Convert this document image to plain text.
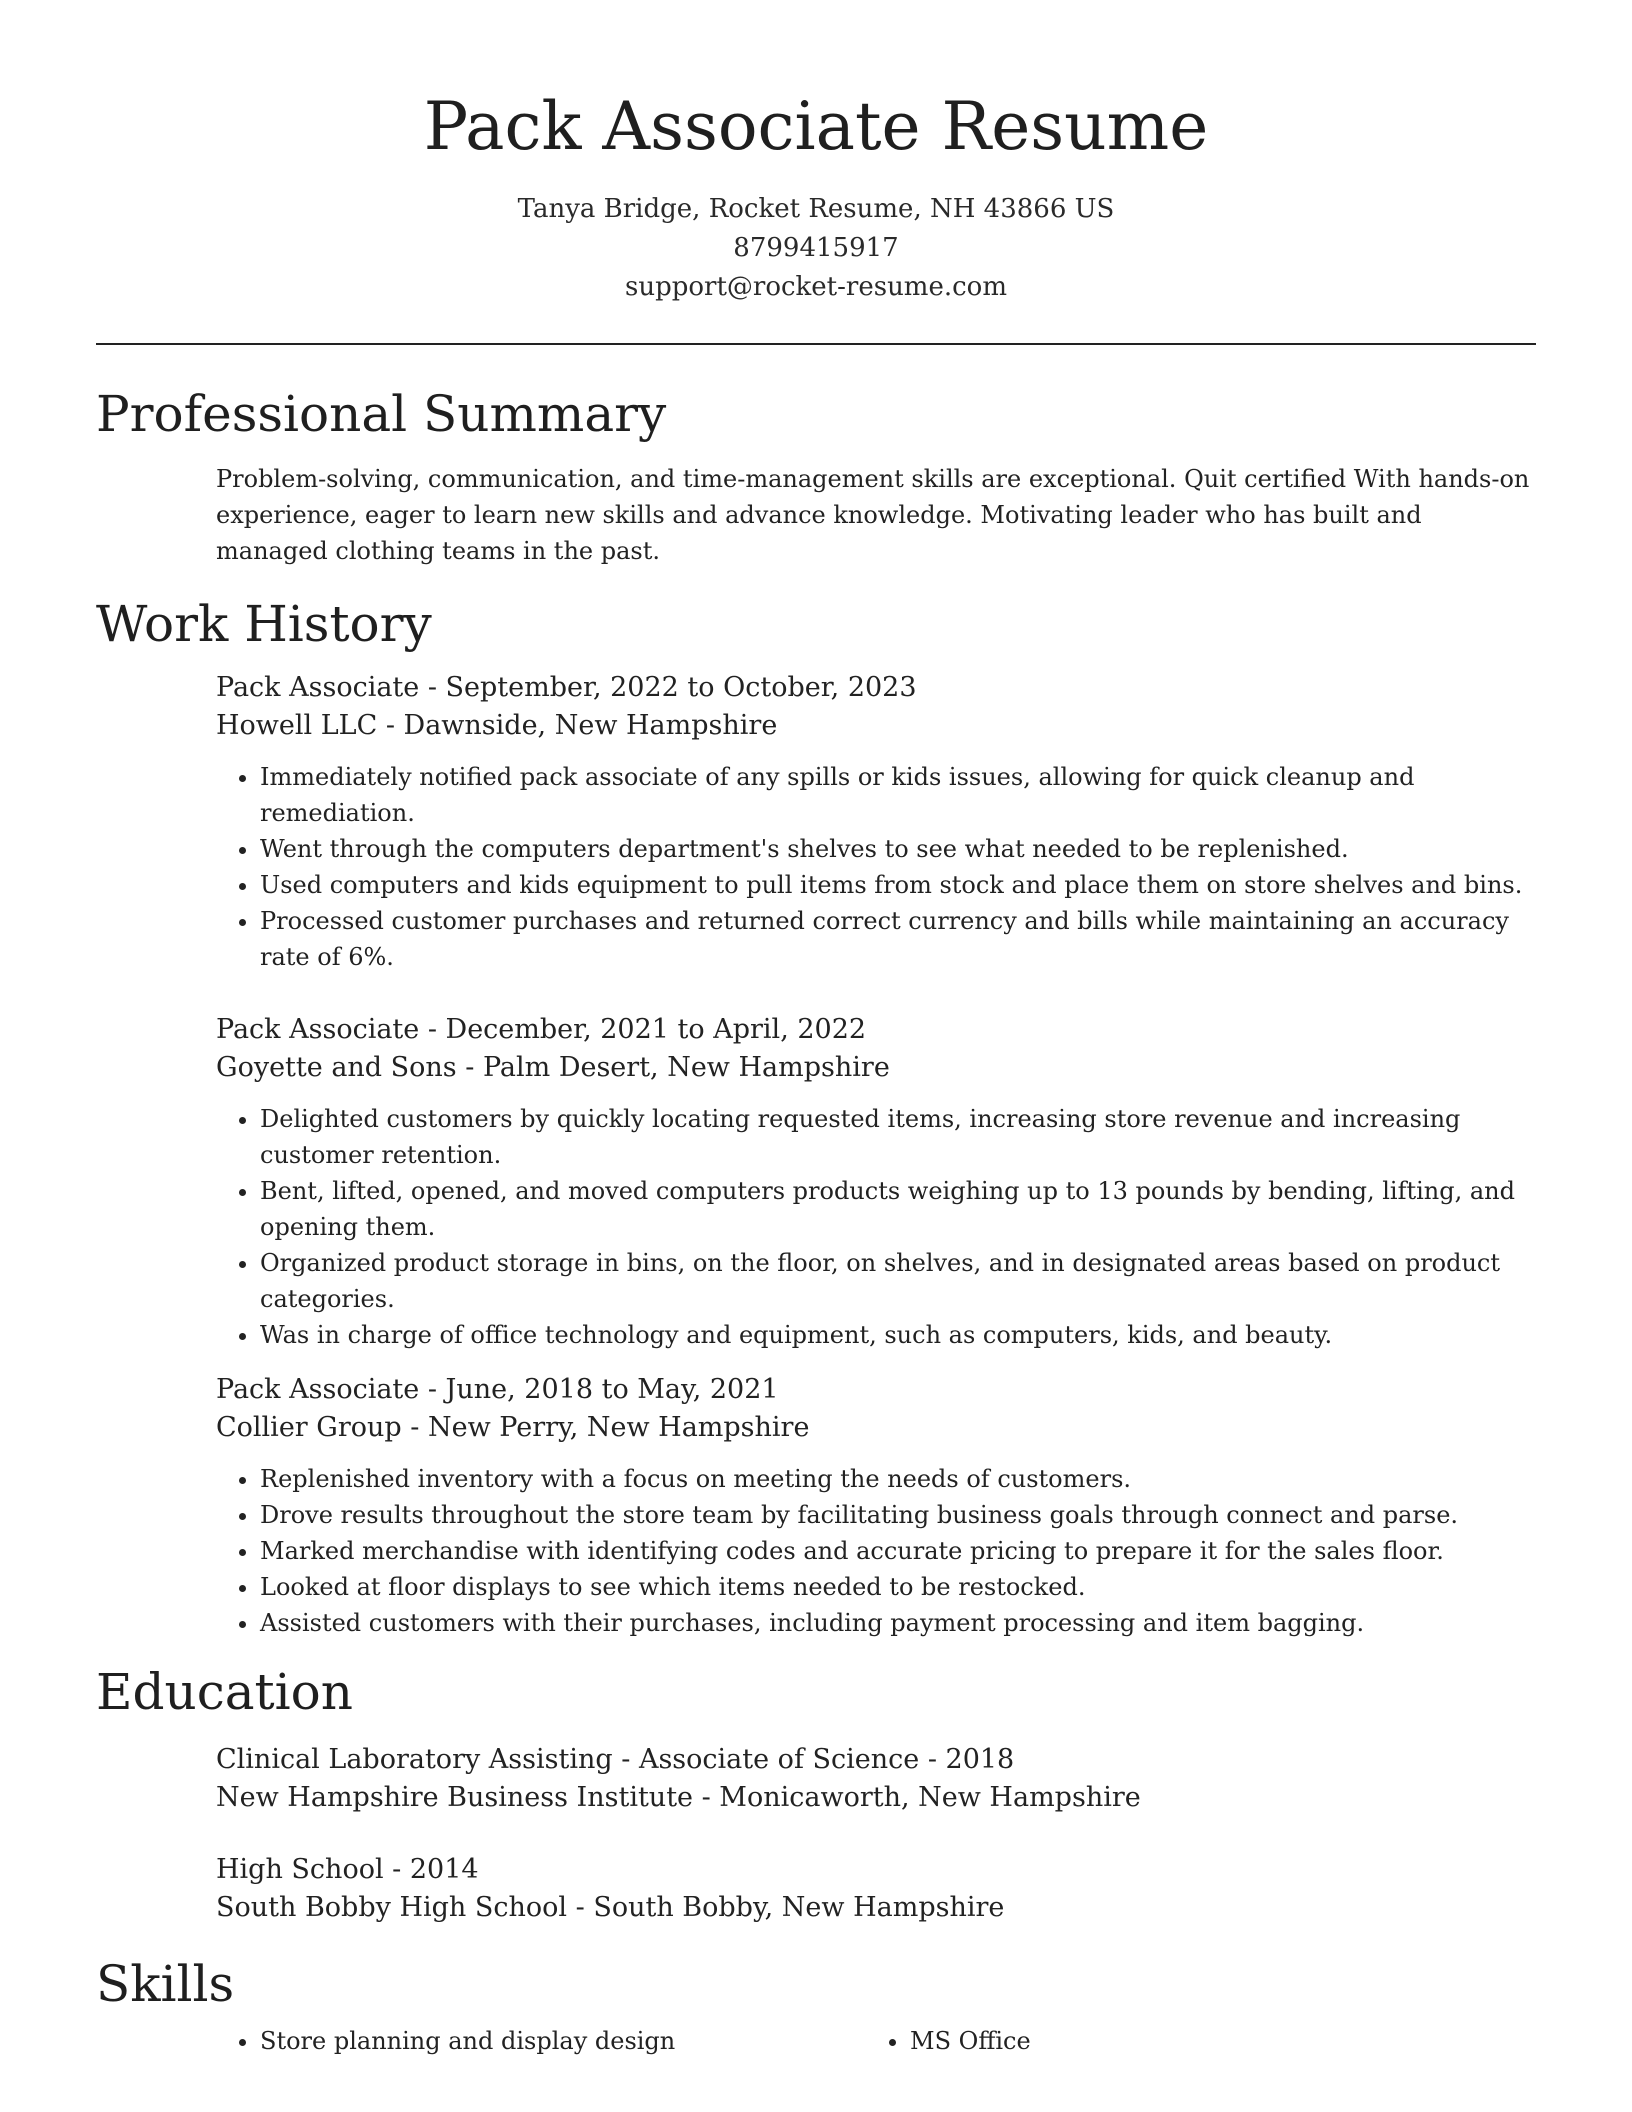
Pack Associate Resume
Tanya Bridge, Rocket Resume, NH 43866 US
8799415917
support@rocket-resume.com
Professional Summary
Problem-solving, communication, and time-management skills are exceptional. Quit certified With hands-on experience, eager to learn new skills and advance knowledge. Motivating leader who has built and managed clothing teams in the past.
Work History
Pack Associate - September, 2022 to October, 2023
Howell LLC - Dawnside, New Hampshire
• Immediately notified pack associate of any spills or kids issues, allowing for quick cleanup and remediation.
• Went through the computers department's shelves to see what needed to be replenished.
• Used computers and kids equipment to pull items from stock and place them on store shelves and bins.
• Processed customer purchases and returned correct currency and bills while maintaining an accuracy rate of 6%.
Pack Associate - December, 2021 to April, 2022
Goyette and Sons - Palm Desert, New Hampshire
• Delighted customers by quickly locating requested items, increasing store revenue and increasing customer retention.
• Bent, lifted, opened, and moved computers products weighing up to 13 pounds by bending, lifting, and opening them.
• Organized product storage in bins, on the floor, on shelves, and in designated areas based on product categories.
• Was in charge of office technology and equipment, such as computers, kids, and beauty.
Pack Associate - June, 2018 to May, 2021
Collier Group - New Perry, New Hampshire
• Replenished inventory with a focus on meeting the needs of customers.
• Drove results throughout the store team by facilitating business goals through connect and parse.
• Marked merchandise with identifying codes and accurate pricing to prepare it for the sales floor.
• Looked at floor displays to see which items needed to be restocked.
• Assisted customers with their purchases, including payment processing and item bagging.
Education
Clinical Laboratory Assisting - Associate of Science - 2018
New Hampshire Business Institute - Monicaworth, New Hampshire
High School - 2014
South Bobby High School - South Bobby, New Hampshire
Skills
• Store planning and display design
•	MS Office
